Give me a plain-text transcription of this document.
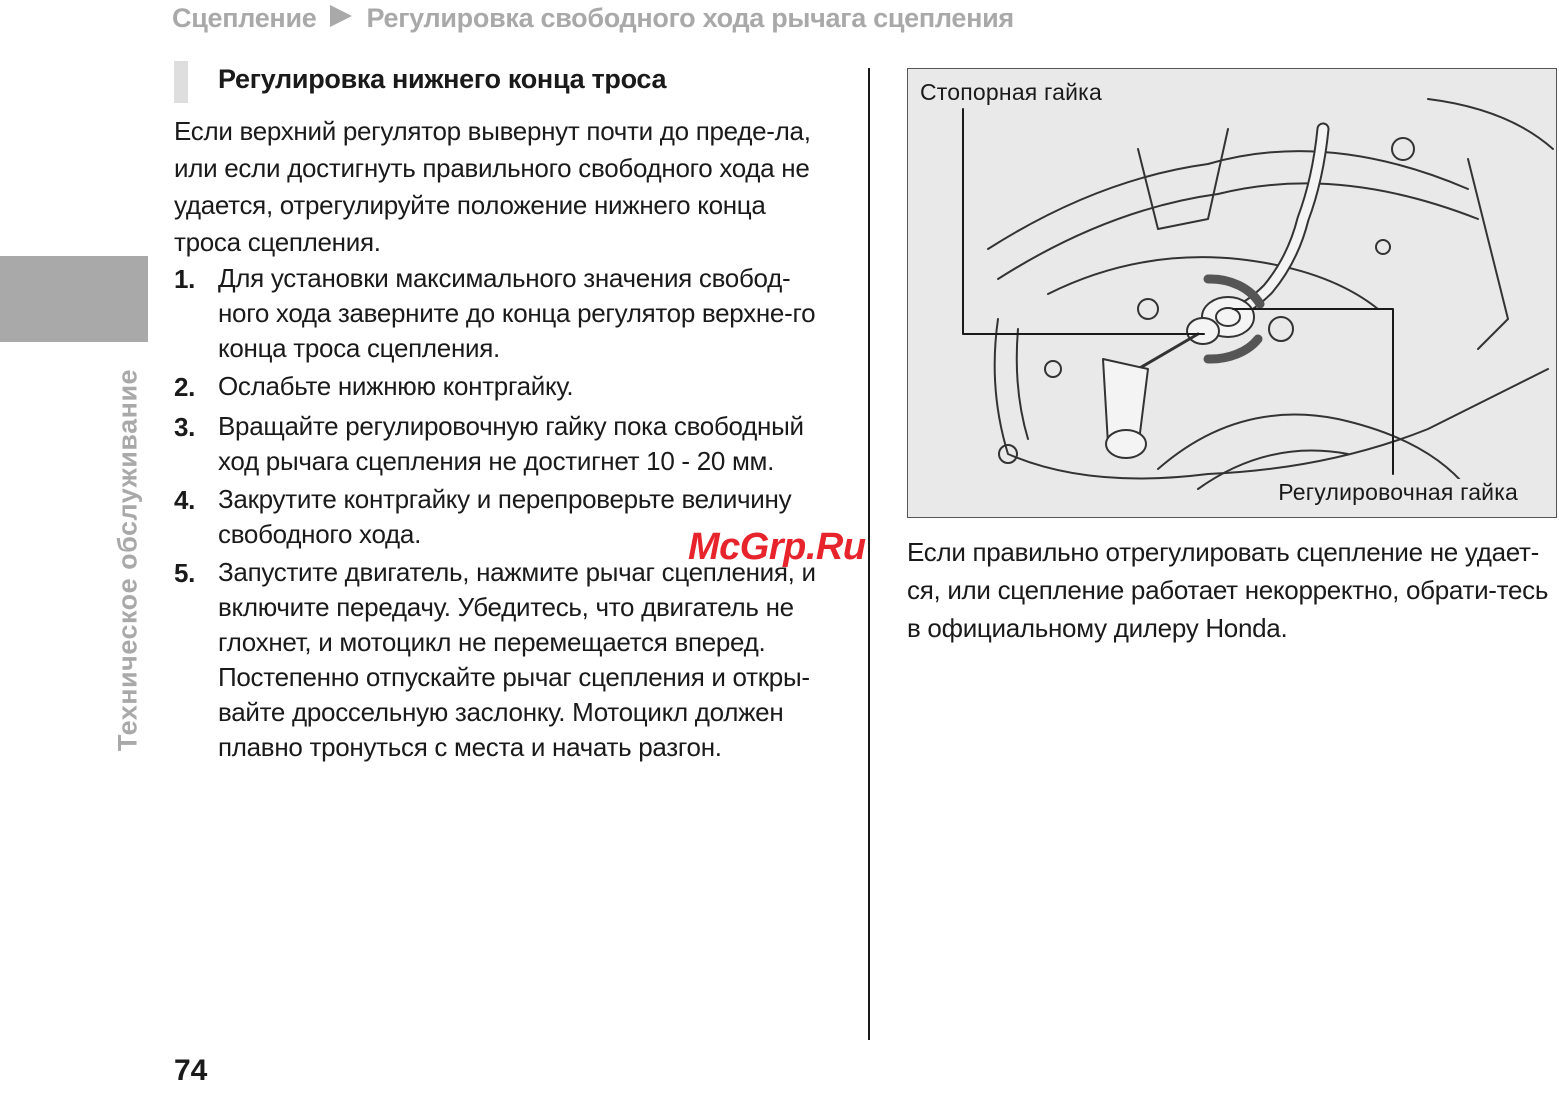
Сцепление Регулировка свободного хода рычага сцепления
Техническое обслуживание
Регулировка нижнего конца троса

Если верхний регулятор вывернут почти до преде-ла, или если достигнуть правильного свободного хода не удается, отрегулируйте положение нижнего конца троса сцепления.

1. Для установки максимального значения свобод-ного хода заверните до конца регулятор верхне-го конца троса сцепления.
2. Ослабьте нижнюю контргайку.
3. Вращайте регулировочную гайку пока свободный ход рычага сцепления не достигнет 10 - 20 мм.
4. Закрутите контргайку и перепроверьте величину свободного хода.
5. Запустите двигатель, нажмите рычаг сцепления, и включите передачу. Убедитесь, что двигатель не глохнет, и мотоцикл не перемещается вперед. Постепенно отпускайте рычаг сцепления и откры-вайте дроссельную заслонку. Мотоцикл должен плавно тронуться с места и начать разгон.
Стопорная гайка
Регулировочная гайка

Если правильно отрегулировать сцепление не удает-ся, или сцепление работает некорректно, обрати-тесь в официальному дилеру Honda.

74
McGrp.Ru
